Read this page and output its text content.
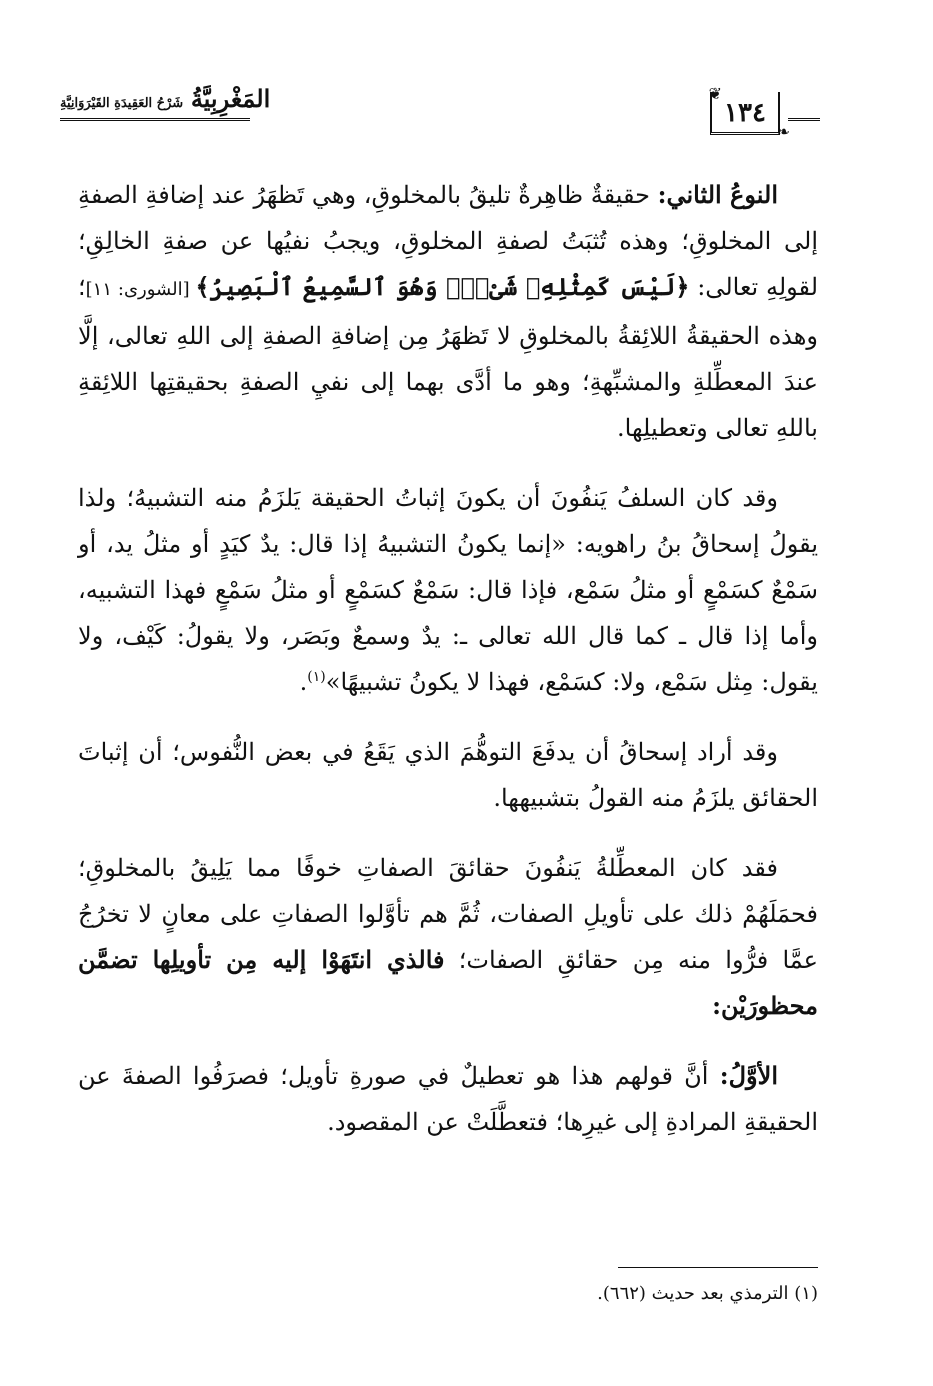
المَغْرِبِيَّةُ شَرْحُ العَقِيدَةِ القَيْرَوَانِيَّةِ
❦
١٣٤
❧

النوعُ الثاني: حقيقةٌ ظاهِرةٌ تليقُ بالمخلوقِ، وهي تَظهَرُ عند إضافةِ الصفةِ إلى المخلوقِ؛ وهذه تُثبَتُ لصفةِ المخلوقِ، ويجبُ نفيُها عن صفةِ الخالِقِ؛ لقولِهِ تعالى: ﴿لَيْسَ كَمِثْلِهِۦ شَىْءٌۖ وَهُوَ ٱلسَّمِيعُ ٱلْبَصِيرُ﴾ [الشورى: ١١]؛ وهذه الحقيقةُ اللائِقةُ بالمخلوقِ لا تَظهَرُ مِن إضافةِ الصفةِ إلى اللهِ تعالى، إلَّا عندَ المعطِّلةِ والمشبِّهةِ؛ وهو ما أدَّى بهما إلى نفيِ الصفةِ بحقيقتِها اللائِقةِ باللهِ تعالى وتعطيلِها.

وقد كان السلفُ يَنفُونَ أن يكونَ إثباتُ الحقيقة يَلزَمُ منه التشبيهُ؛ ولذا يقولُ إسحاقُ بنُ راهويه: «إنما يكونُ التشبيهُ إذا قال: يدٌ كيَدٍ أو مثلُ يد، أو سَمْعٌ كسَمْعٍ أو مثلُ سَمْع، فإذا قال: سَمْعٌ كسَمْعٍ أو مثلُ سَمْعٍ فهذا التشبيه، وأما إذا قال ـ كما قال الله تعالى ـ: يدٌ وسمعٌ وبَصَر، ولا يقولُ: كَيْف، ولا يقول: مِثل سَمْع، ولا: كسَمْع، فهذا لا يكونُ تشبيهًا»$^{(١)}$.

وقد أراد إسحاقُ أن يدفَعَ التوهُّمَ الذي يَقَعُ في بعض النُّفوس؛ أن إثباتَ الحقائق يلزَمُ منه القولُ بتشبيهها.

فقد كان المعطِّلةُ يَنفُونَ حقائقَ الصفاتِ خوفًا مما يَلِيقُ بالمخلوقِ؛ فحمَلَهُمْ ذلك على تأويلِ الصفات، ثُمَّ هم تأوَّلوا الصفاتِ على معانٍ لا تخرُجُ عمَّا فرُّوا منه مِن حقائقِ الصفات؛ فالذي انتَهَوْا إليه مِن تأويلِها تضمَّن محظورَيْن:

الأوَّلُ: أنَّ قولهم هذا هو تعطيلٌ في صورةِ تأويل؛ فصرَفُوا الصفةَ عن الحقيقةِ المرادةِ إلى غيرِها؛ فتعطَّلَتْ عن المقصود.

(١) الترمذي بعد حديث (٦٦٢).
